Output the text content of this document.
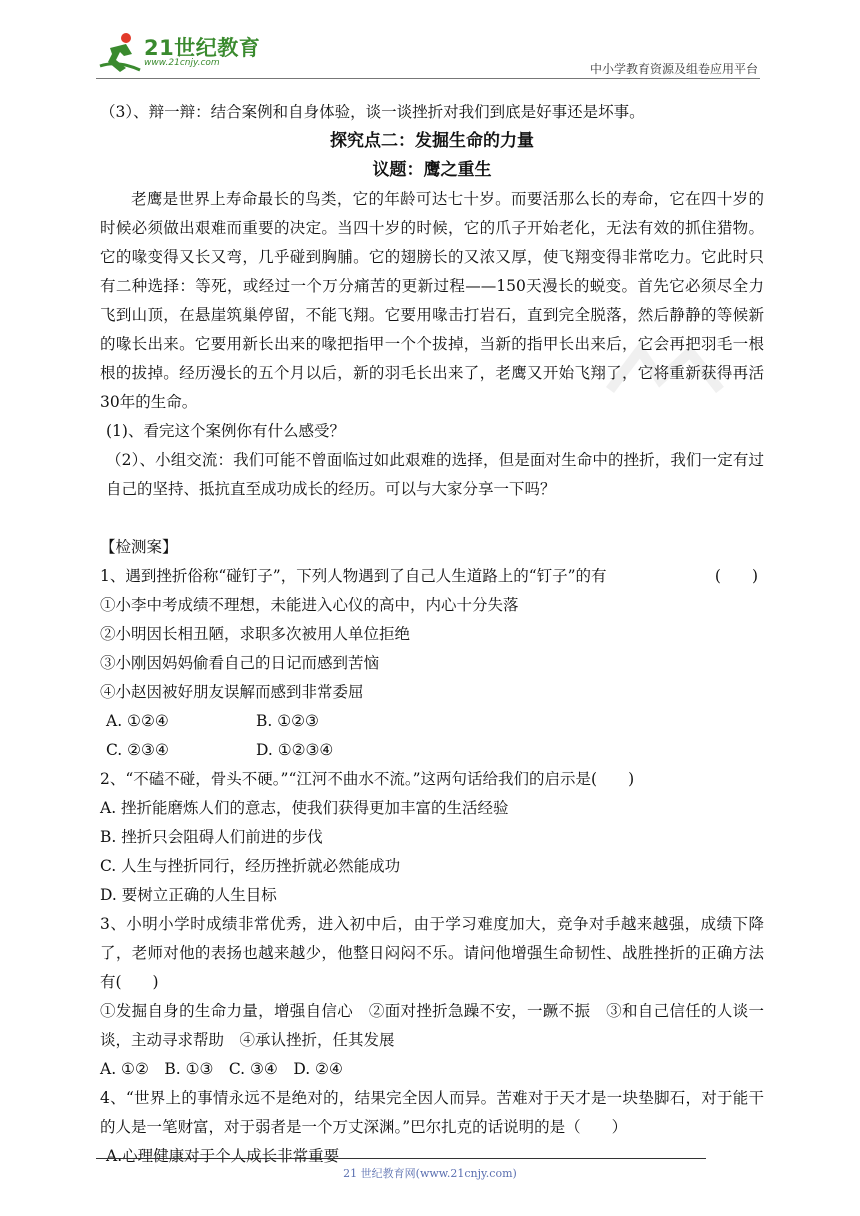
21世纪教育
www.21cnjy.com	中小学教育资源及组卷应用平台
（3）、辩一辩：结合案例和自身体验，谈一谈挫折对我们到底是好事还是坏事。
探究点二：发掘生命的力量
议题：鹰之重生
老鹰是世界上寿命最长的鸟类，它的年龄可达七十岁。而要活那么长的寿命，它在四十岁的时候必须做出艰难而重要的决定。当四十岁的时候，它的爪子开始老化，无法有效的抓住猎物。它的喙变得又长又弯，几乎碰到胸脯。它的翅膀长的又浓又厚，使飞翔变得非常吃力。它此时只有二种选择：等死，或经过一个万分痛苦的更新过程——150天漫长的蜕变。首先它必须尽全力飞到山顶，在悬崖筑巢停留，不能飞翔。它要用喙击打岩石，直到完全脱落，然后静静的等候新的喙长出来。它要用新长出来的喙把指甲一个个拔掉，当新的指甲长出来后，它会再把羽毛一根根的拔掉。经历漫长的五个月以后，新的羽毛长出来了，老鹰又开始飞翔了，它将重新获得再活30年的生命。
(1)、看完这个案例你有什么感受？
（2）、小组交流：我们可能不曾面临过如此艰难的选择，但是面对生命中的挫折，我们一定有过自己的坚持、抵抗直至成功成长的经历。可以与大家分享一下吗？
【检测案】
1、遇到挫折俗称“碰钉子”，下列人物遇到了自己人生道路上的“钉子”的有	(　　)
①小李中考成绩不理想，未能进入心仪的高中，内心十分失落
②小明因长相丑陋，求职多次被用人单位拒绝
③小刚因妈妈偷看自己的日记而感到苦恼
④小赵因被好朋友误解而感到非常委屈
A. ①②④	B. ①②③
C. ②③④	D. ①②③④
2、“不磕不碰，骨头不硬。”“江河不曲水不流。”这两句话给我们的启示是(　　)
A. 挫折能磨炼人们的意志，使我们获得更加丰富的生活经验
B. 挫折只会阻碍人们前进的步伐
C. 人生与挫折同行，经历挫折就必然能成功
D. 要树立正确的人生目标
3、小明小学时成绩非常优秀，进入初中后，由于学习难度加大，竞争对手越来越强，成绩下降了，老师对他的表扬也越来越少，他整日闷闷不乐。请问他增强生命韧性、战胜挫折的正确方法有(　　)
①发掘自身的生命力量，增强自信心　②面对挫折急躁不安，一蹶不振　③和自己信任的人谈一谈，主动寻求帮助　④承认挫折，任其发展
A. ①②　B. ①③　C. ③④　D. ②④
4、“世界上的事情永远不是绝对的，结果完全因人而异。苦难对于天才是一块垫脚石，对于能干的人是一笔财富，对于弱者是一个万丈深渊。”巴尔扎克的话说明的是（　　）
A.心理健康对于个人成长非常重要
21 世纪教育网(www.21cnjy.com)
